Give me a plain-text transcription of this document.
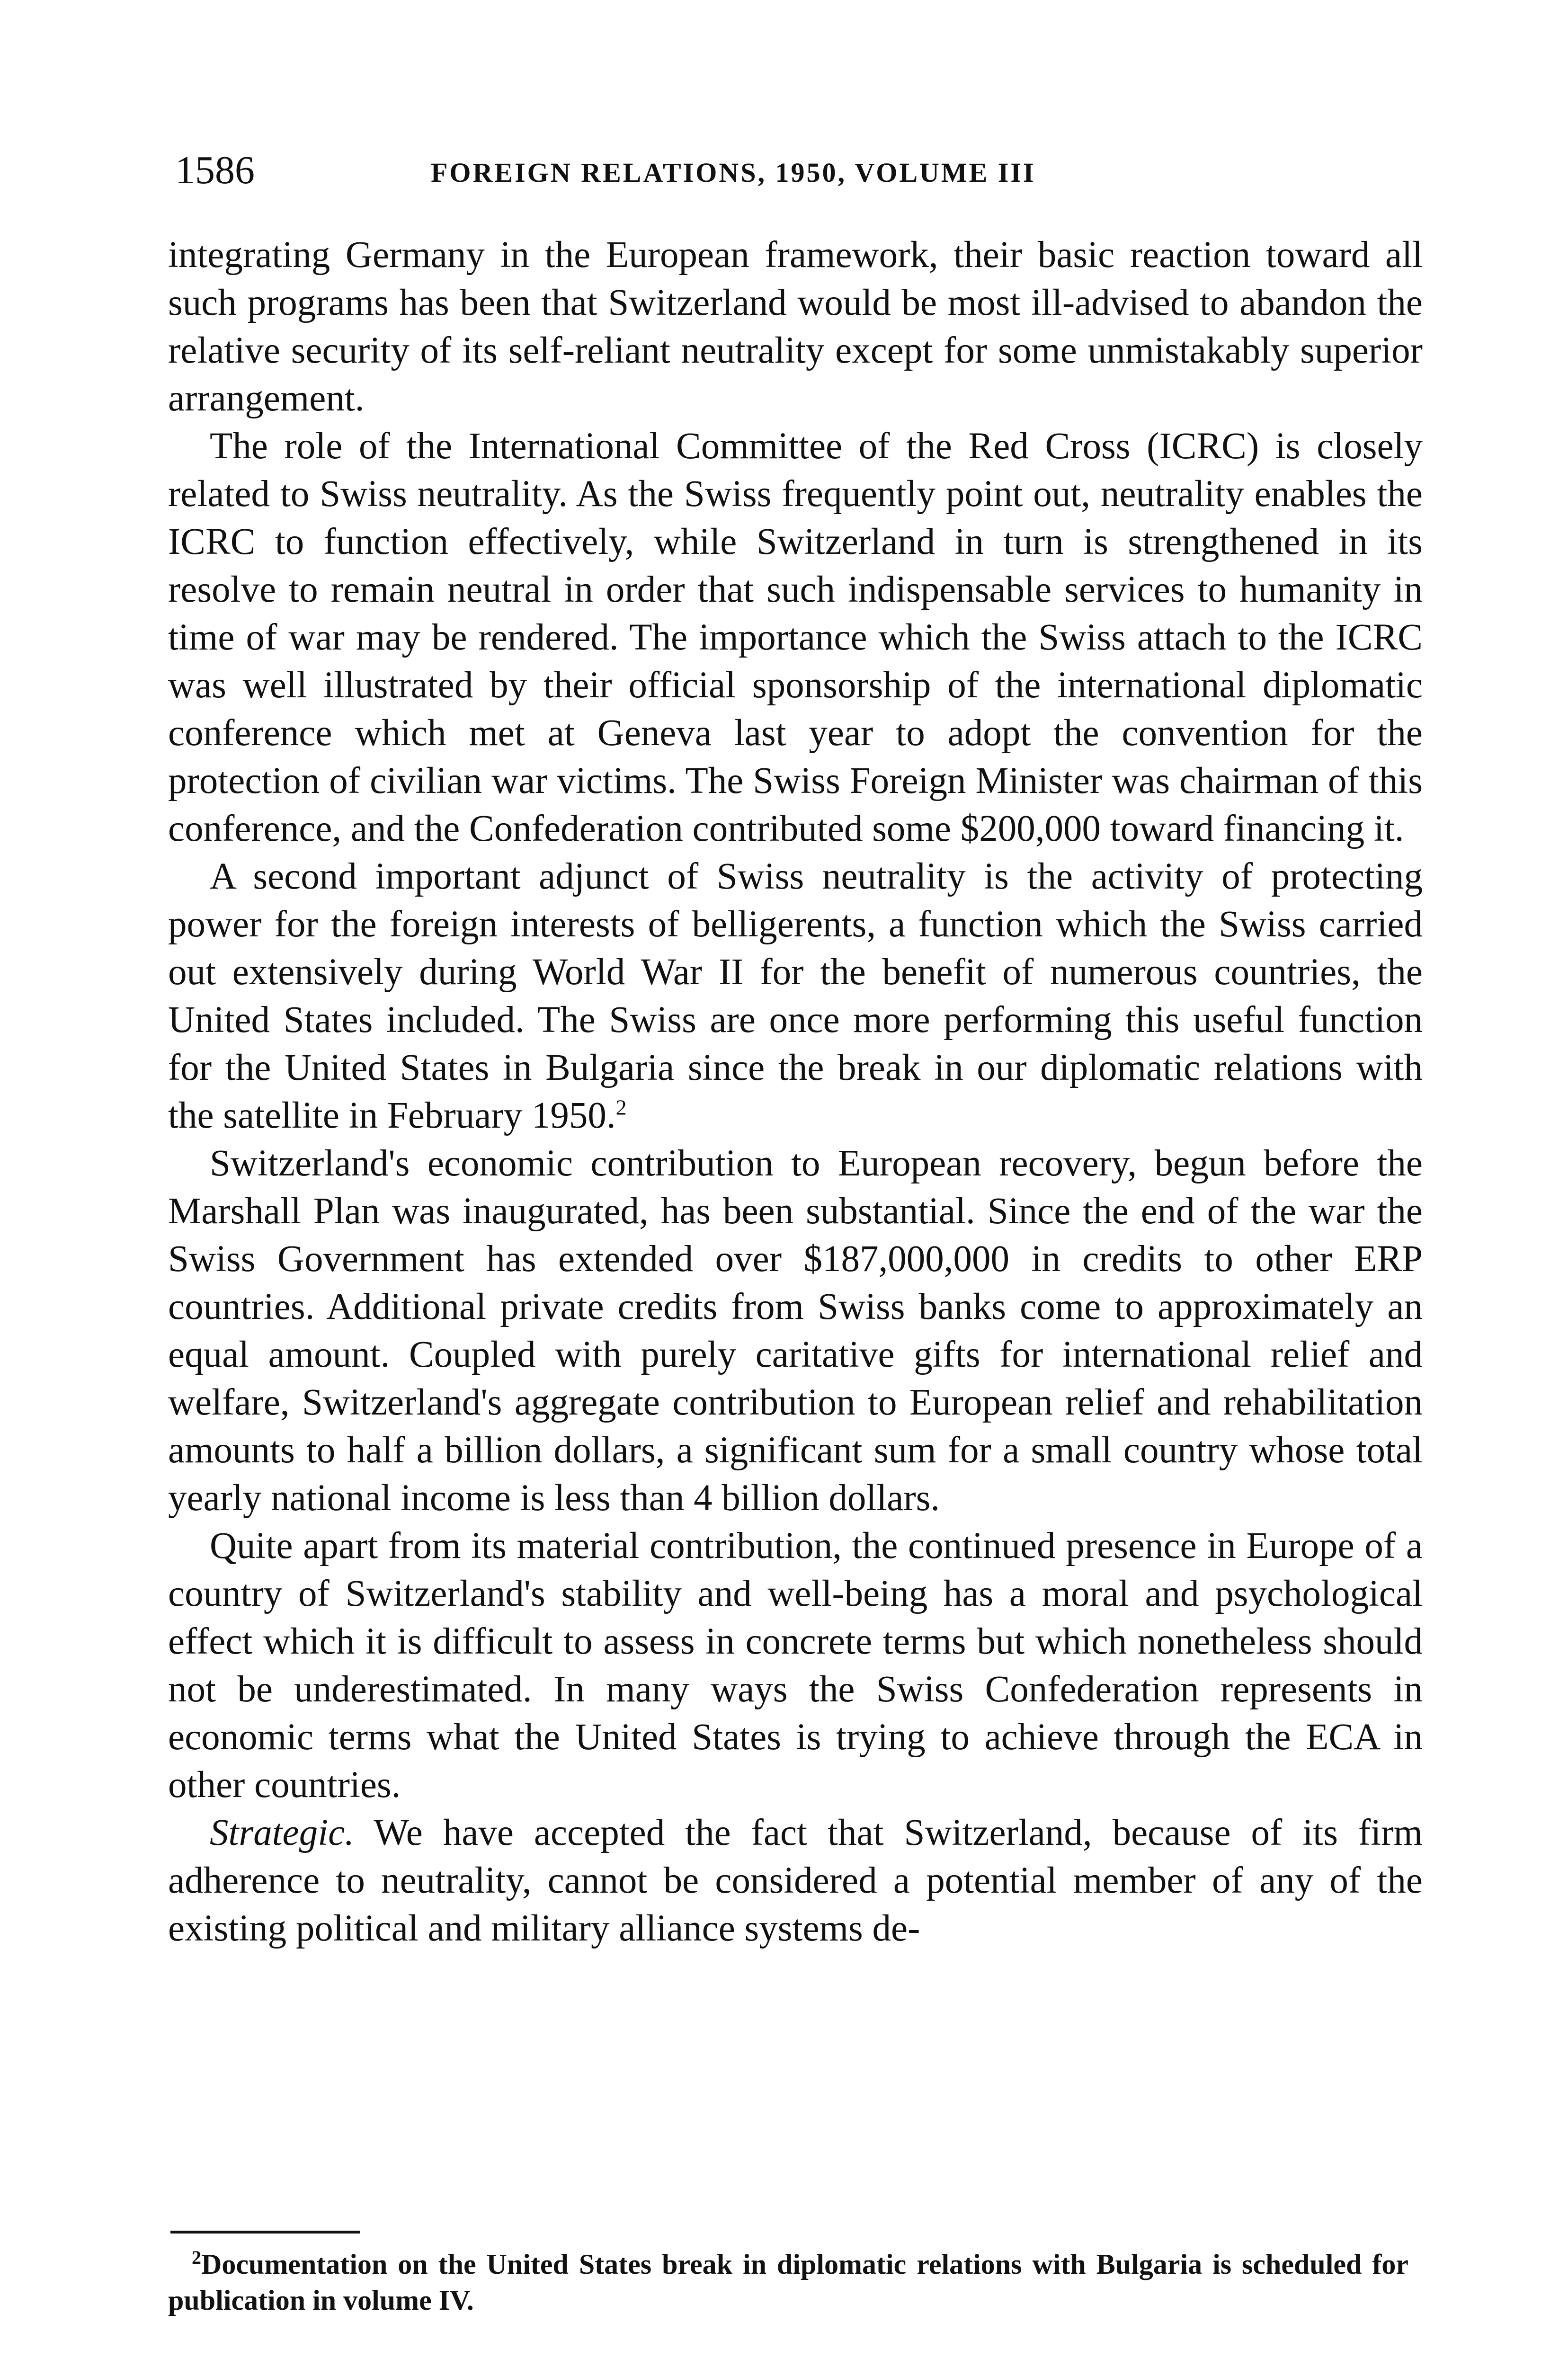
1586	FOREIGN RELATIONS, 1950, VOLUME III

integrating Germany in the European framework, their basic reaction toward all such programs has been that Switzerland would be most ill-advised to abandon the relative security of its self-reliant neutrality except for some unmistakably superior arrangement.

The role of the International Committee of the Red Cross (ICRC) is closely related to Swiss neutrality. As the Swiss frequently point out, neutrality enables the ICRC to function effectively, while Switzerland in turn is strengthened in its resolve to remain neutral in order that such indispensable services to humanity in time of war may be rendered. The importance which the Swiss attach to the ICRC was well illustrated by their official sponsorship of the international diplomatic conference which met at Geneva last year to adopt the convention for the protection of civilian war victims. The Swiss Foreign Minister was chairman of this conference, and the Confederation contributed some $200,000 toward financing it.

A second important adjunct of Swiss neutrality is the activity of protecting power for the foreign interests of belligerents, a function which the Swiss carried out extensively during World War II for the benefit of numerous countries, the United States included. The Swiss are once more performing this useful function for the United States in Bulgaria since the break in our diplomatic relations with the satellite in February 1950.$^2$

Switzerland's economic contribution to European recovery, begun before the Marshall Plan was inaugurated, has been substantial. Since the end of the war the Swiss Government has extended over $187,000,000 in credits to other ERP countries. Additional private credits from Swiss banks come to approximately an equal amount. Coupled with purely caritative gifts for international relief and welfare, Switzerland's aggregate contribution to European relief and rehabilitation amounts to half a billion dollars, a significant sum for a small country whose total yearly national income is less than 4 billion dollars.

Quite apart from its material contribution, the continued presence in Europe of a country of Switzerland's stability and well-being has a moral and psychological effect which it is difficult to assess in concrete terms but which nonetheless should not be underestimated. In many ways the Swiss Confederation represents in economic terms what the United States is trying to achieve through the ECA in other countries.

Strategic. We have accepted the fact that Switzerland, because of its firm adherence to neutrality, cannot be considered a potential member of any of the existing political and military alliance systems de-

$^2$Documentation on the United States break in diplomatic relations with Bulgaria is scheduled for publication in volume IV.
